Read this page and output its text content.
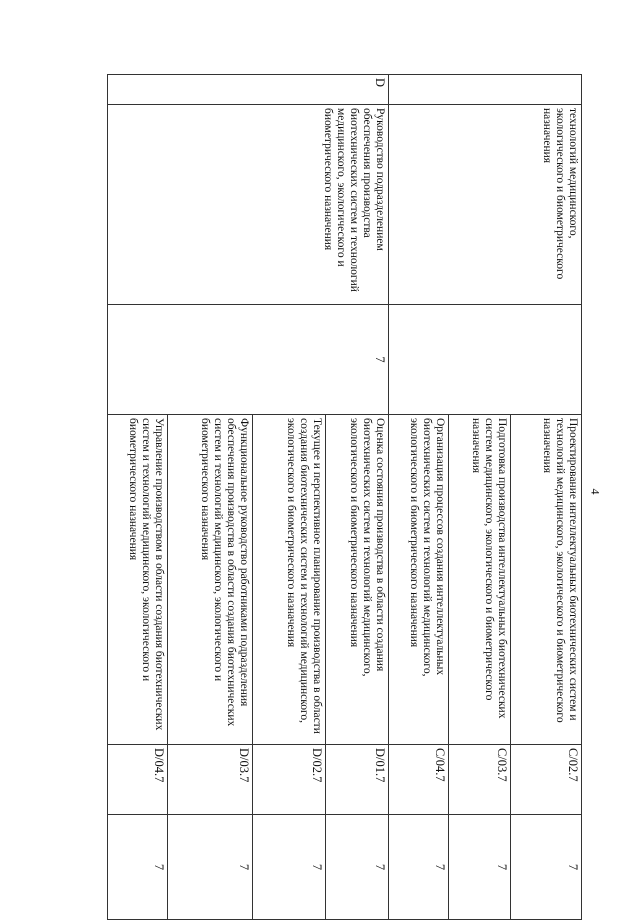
4
	технологий медицинского, экологического и биометрического назначения		Проектирование интеллектуальных биотехнических систем и технологий медицинского, экологического и биометрического назначения	C/02.7	7
			Подготовка производства интеллектуальных биотехнических систем медицинского, экологического и биометрического назначения	C/03.7	7
			Организация процессов создания интеллектуальных биотехнических систем и технологий медицинского, экологического и биометрического назначения	C/04.7	7
D	Руководство подразделением обеспечения производства биотехнических систем и технологий медицинского, экологического и биометрического назначения	7	Оценка состояния производства в области создания биотехнических систем и технологий медицинского, экологического и биометрического назначения	D/01.7	7
			Текущее и перспективное планирование производства в области создания биотехнических систем и технологий медицинского, экологического и биометрического назначения	D/02.7	7
			Функциональное руководство работниками подразделения обеспечения производства в области создания биотехнических систем и технологий медицинского, экологического и биометрического назначения	D/03.7	7
			Управление производством в области создания биотехнических систем и технологий медицинского, экологического и биометрического назначения	D/04.7	7
